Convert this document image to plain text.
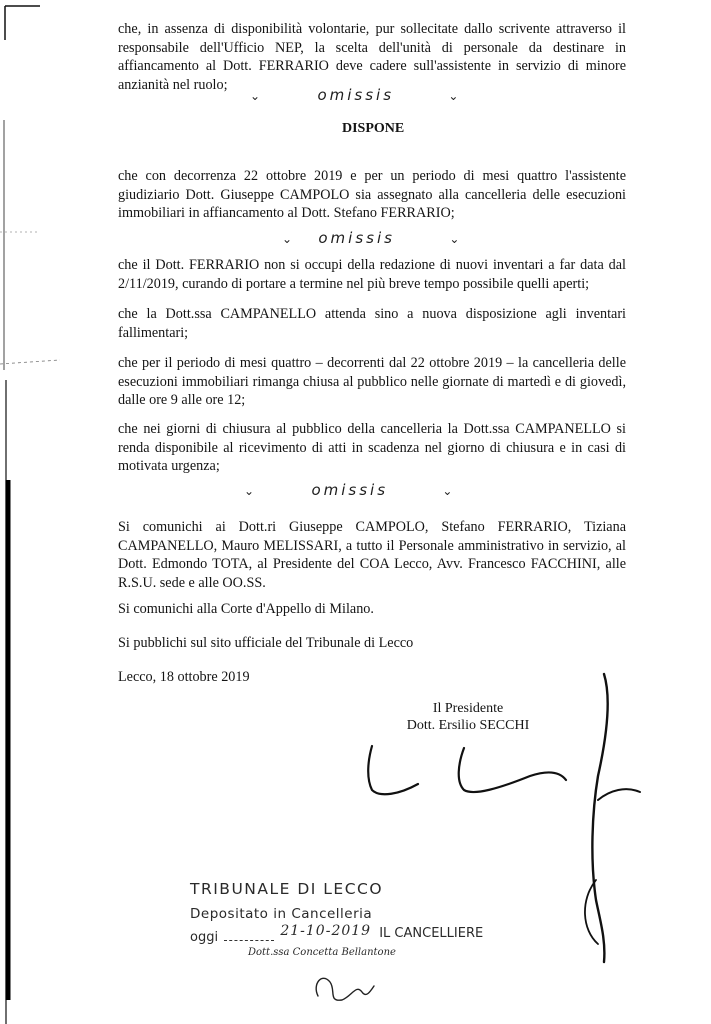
che, in assenza di disponibilità volontarie, pur sollecitate dallo scrivente attraverso il responsabile dell'Ufficio NEP, la scelta dell'unità di personale da destinare in affiancamento al Dott. FERRARIO deve cadere sull'assistente in servizio di minore anzianità nel ruolo;

⌄	omissis	⌄

DISPONE

che con decorrenza 22 ottobre 2019 e per un periodo di mesi quattro l'assistente giudiziario Dott. Giuseppe CAMPOLO sia assegnato alla cancelleria delle esecuzioni immobiliari in affiancamento al Dott. Stefano FERRARIO;

⌄ omissis	⌄

che il Dott. FERRARIO non si occupi della redazione di nuovi inventari a far data dal 2/11/2019, curando di portare a termine nel più breve tempo possibile quelli aperti;

che la Dott.ssa CAMPANELLO attenda sino a nuova disposizione agli inventari fallimentari;

che per il periodo di mesi quattro – decorrenti dal 22 ottobre 2019 – la cancelleria delle esecuzioni immobiliari rimanga chiusa al pubblico nelle giornate di martedì e di giovedì, dalle ore 9 alle ore 12;

che nei giorni di chiusura al pubblico della cancelleria la Dott.ssa CAMPANELLO si renda disponibile al ricevimento di atti in scadenza nel giorno di chiusura e in casi di motivata urgenza;

⌄	omissis	⌄

Si comunichi ai Dott.ri Giuseppe CAMPOLO, Stefano FERRARIO, Tiziana CAMPANELLO, Mauro MELISSARI, a tutto il Personale amministrativo in servizio, al Dott. Edmondo TOTA, al Presidente del COA Lecco, Avv. Francesco FACCHINI, alle R.S.U. sede e alle OO.SS.

Si comunichi alla Corte d'Appello di Milano.

Si pubblichi sul sito ufficiale del Tribunale di Lecco

Lecco, 18 ottobre 2019

Il Presidente
Dott. Ersilio SECCHI
TRIBUNALE DI LECCO
Depositato in Cancelleria
oggi	21-10-2019 IL CANCELLIERE
Dott.ssa Concetta Bellantone
